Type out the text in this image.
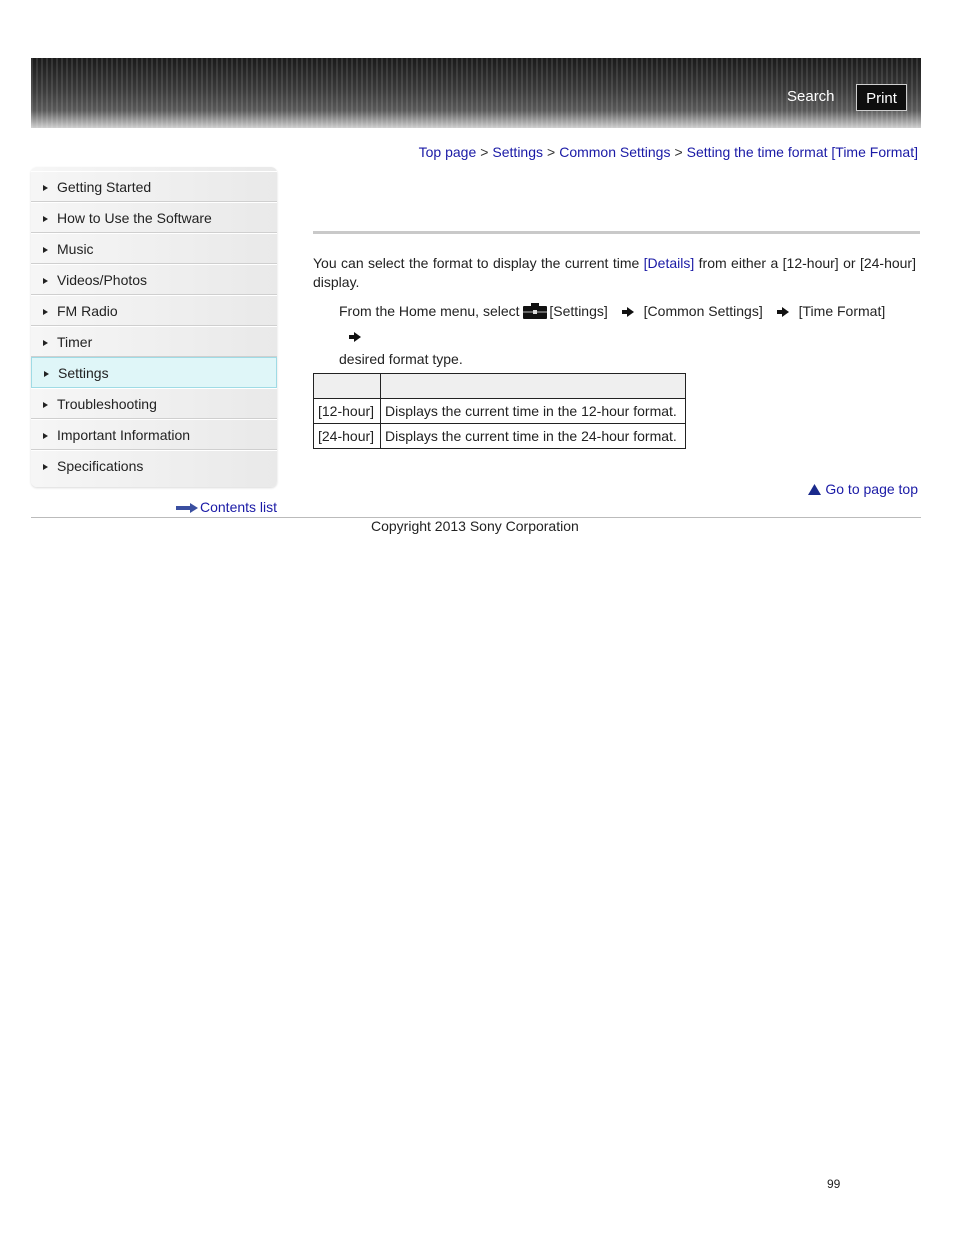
Search	Print
Top page > Settings > Common Settings > Setting the time format [Time Format]
Getting Started
How to Use the Software
Music
Videos/Photos
FM Radio
Timer
Settings
Troubleshooting
Important Information
Specifications
Contents list
You can select the format to display the current time [Details] from either a [12-hour] or [24-hour] display.
From the Home menu, select [Settings]	[Common Settings]	[Time Format]
desired format type.

[12-hour]	Displays the current time in the 12-hour format.
[24-hour]	Displays the current time in the 24-hour format.
Go to page top
Copyright 2013 Sony Corporation
99
